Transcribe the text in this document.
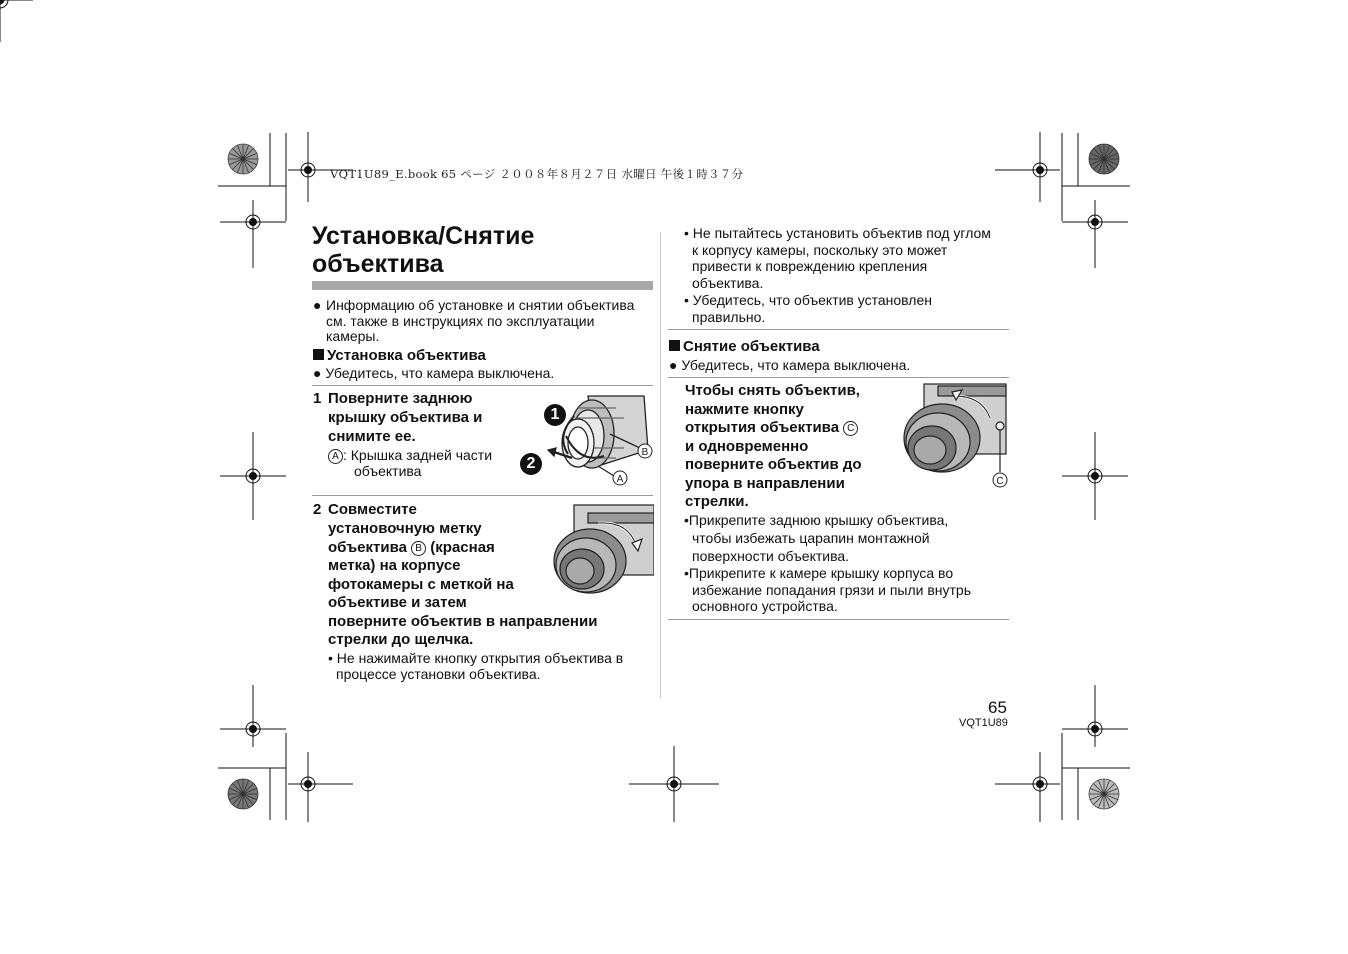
VQT1U89_E.book 65 ページ ２００８年８月２７日 水曜日 午後１時３７分
Установка/Снятие
объектива
● Информацию об установке и снятии объектива
см. также в инструкциях по эксплуатации
камеры.
Установка объектива
● Убедитесь, что камера выключена.
1 Поверните заднюю
крышку объектива и
снимите ее.
A : Крышка задней части
объектива
B
A
1
2
2 Совместите
установочную метку
объектива B (красная
метка) на корпусе
фотокамеры с меткой на
объективе и затем
поверните объектив в направлении
стрелки до щелчка.
• Не нажимайте кнопку открытия объектива в
процессе установки объектива.
• Не пытайтесь установить объектив под углом
к корпусу камеры, поскольку это может
привести к повреждению крепления
объектива.
• Убедитесь, что объектив установлен
правильно.
Снятие объектива
● Убедитесь, что камера выключена.
Чтобы снять объектив,
нажмите кнопку
открытия объектива C
и одновременно
поверните объектив до
упора в направлении
стрелки.
C
•Прикрепите заднюю крышку объектива,
чтобы избежать царапин монтажной
поверхности объектива.
•Прикрепите к камере крышку корпуса во
избежание попадания грязи и пыли внутрь
основного устройства.
65
VQT1U89
